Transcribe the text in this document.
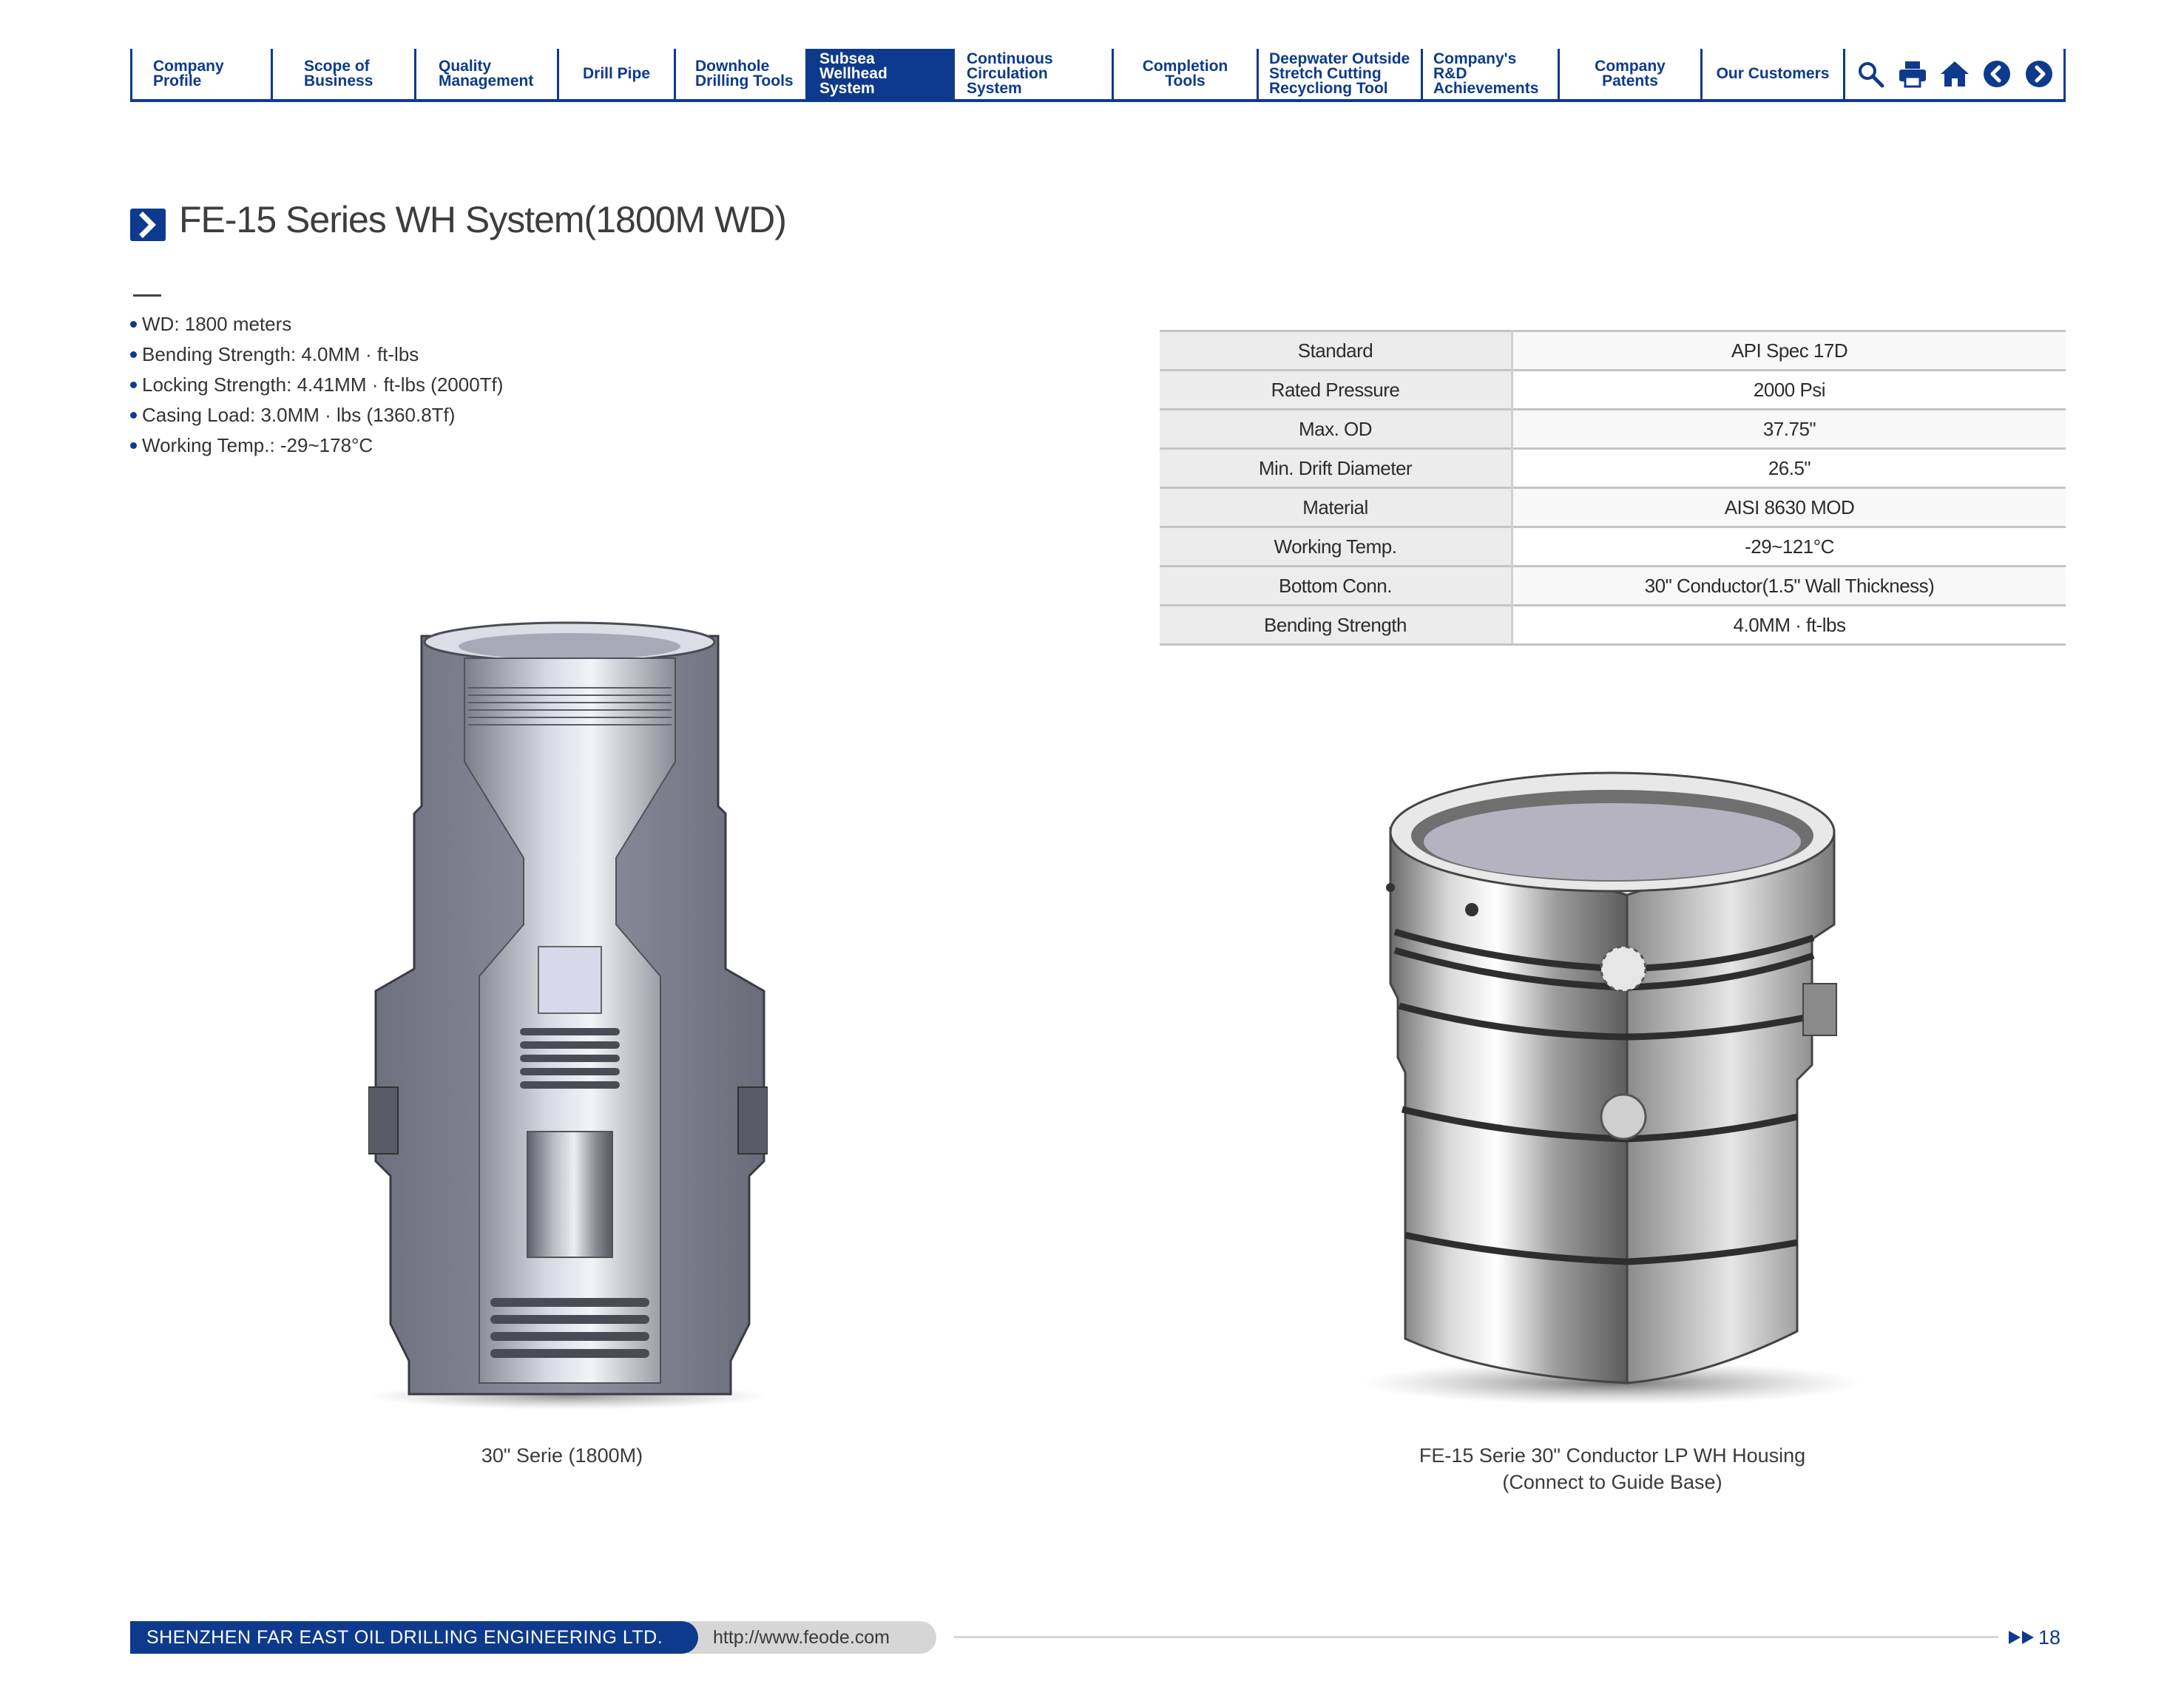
Company Profile
Scope of
Business
Quality
Management	Drill Pipe	Downhole
Drilling Tools
Subsea Wellhead
System
Continuous
Circulation System
Completion Tools
Deepwater Outside
Stretch Cutting
Recycliong Tool
Company's R&D
Achievements
Company Patents	Our Customers
FE-15 Series WH System(1800M WD)
WD: 1800 meters
Bending Strength: 4.0MM · ft-lbs
Locking Strength: 4.41MM · ft-lbs (2000Tf)
Casing Load: 3.0MM · lbs (1360.8Tf)
Working Temp.: -29~178°C
Standard	API Spec 17D
Rated Pressure	2000 Psi
Max. OD	37.75"
Min. Drift Diameter	26.5"
Material	AISI 8630 MOD
Working Temp.	-29~121°C
Bottom Conn.	30" Conductor(1.5" Wall Thickness)
Bending Strength	4.0MM · ft-lbs

30" Serie (1800M)	FE-15 Serie 30" Conductor LP WH Housing
(Connect to Guide Base)

SHENZHEN FAR EAST OIL DRILLING ENGINEERING LTD.	http://www.feode.com	18
